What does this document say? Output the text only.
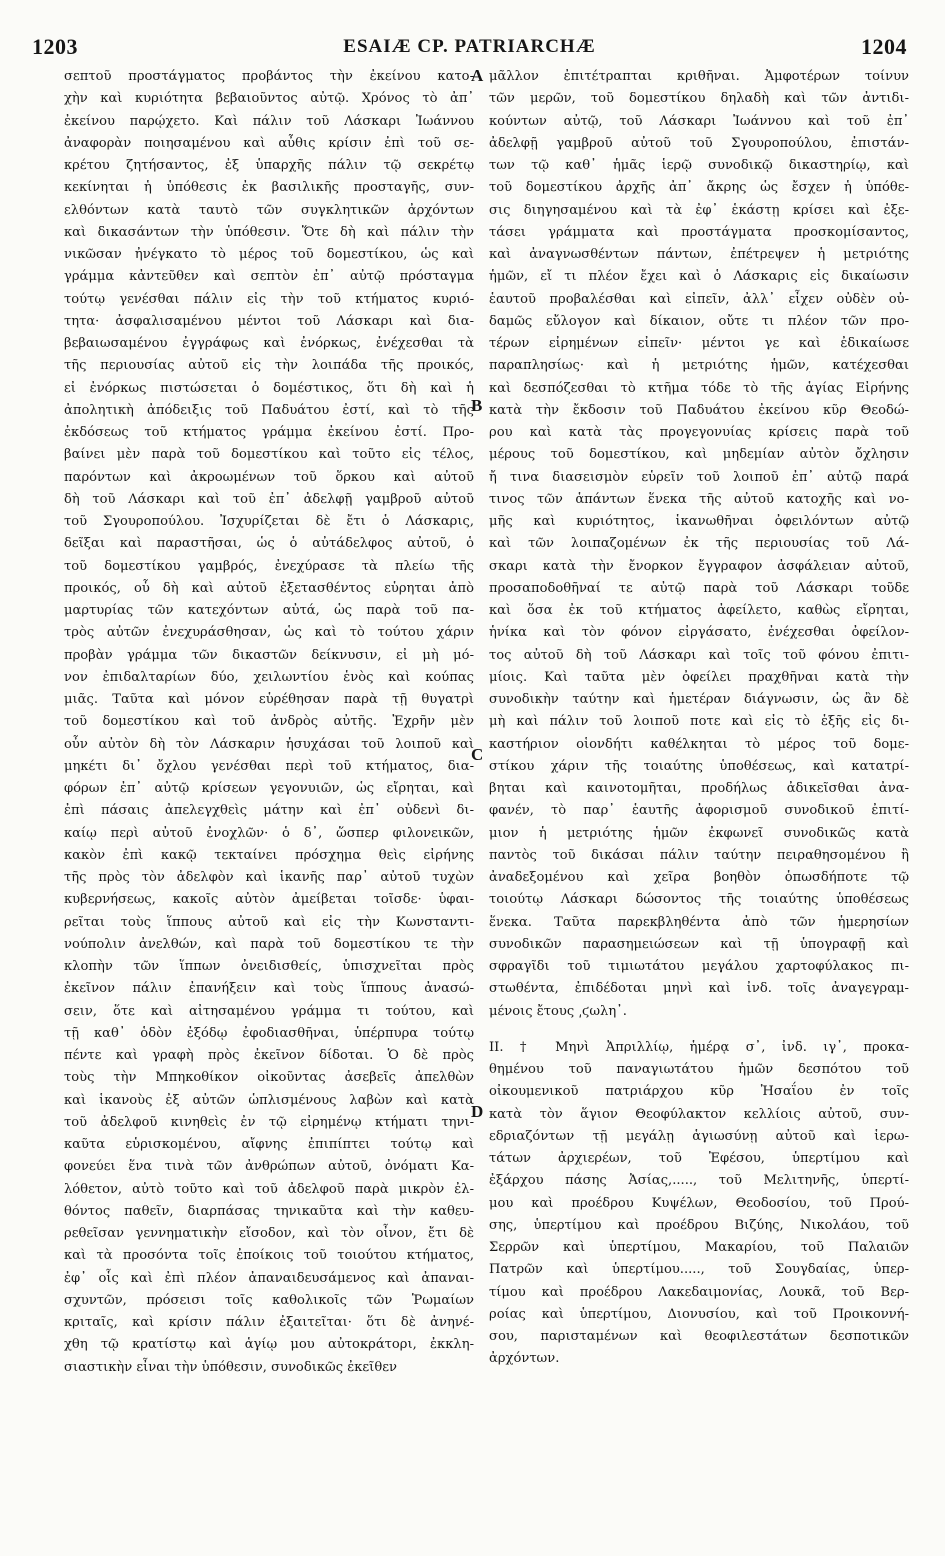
1203	ESAIÆ CP. PATRIARCHÆ	1204
A
B
C
D
σεπτοῦ προστάγματος προβάντος τὴν ἐκείνου κατο-
χὴν καὶ κυριότητα βεβαιοῦντος αὐτῷ. Χρόνος τὸ ἀπ᾽
ἐκείνου παρῴχετο. Καὶ πάλιν τοῦ Λάσκαρι Ἰωάννου
ἀναφορὰν ποιησαμένου καὶ αὖθις κρίσιν ἐπὶ τοῦ σε-
κρέτου ζητήσαντος, ἐξ ὑπαρχῆς πάλιν τῷ σεκρέτῳ
κεκίνηται ἡ ὑπόθεσις ἐκ βασιλικῆς προσταγῆς, συν-
ελθόντων κατὰ ταυτὸ τῶν συγκλητικῶν ἀρχόντων
καὶ δικασάντων τὴν ὑπόθεσιν. Ὅτε δὴ καὶ πάλιν τὴν
νικῶσαν ἠνέγκατο τὸ μέρος τοῦ δομεστίκου, ὡς καὶ
γράμμα κἀντεῦθεν καὶ σεπτὸν ἐπ᾽ αὐτῷ πρόσταγμα
τούτῳ γενέσθαι πάλιν εἰς τὴν τοῦ κτήματος κυριό-
τητα· ἀσφαλισαμένου μέντοι τοῦ Λάσκαρι καὶ δια-
βεβαιωσαμένου ἐγγράφως καὶ ἐνόρκως, ἐνέχεσθαι τὰ
τῆς περιουσίας αὐτοῦ εἰς τὴν λοιπάδα τῆς προικός,
εἰ ἐνόρκως πιστώσεται ὁ δομέστικος, ὅτι δὴ καὶ ἡ
ἀπολητικὴ ἀπόδειξις τοῦ Παδυάτου ἐστί, καὶ τὸ τῆς
ἐκδόσεως τοῦ κτήματος γράμμα ἐκείνου ἐστί. Προ-
βαίνει μὲν παρὰ τοῦ δομεστίκου καὶ τοῦτο εἰς τέλος,
παρόντων καὶ ἀκροωμένων τοῦ ὅρκου καὶ αὐτοῦ
δὴ τοῦ Λάσκαρι καὶ τοῦ ἐπ᾽ ἀδελφῇ γαμβροῦ αὐτοῦ
τοῦ Σγουροπούλου. Ἰσχυρίζεται δὲ ἔτι ὁ Λάσκαρις,
δεῖξαι καὶ παραστῆσαι, ὡς ὁ αὐτάδελφος αὐτοῦ, ὁ
τοῦ δομεστίκου γαμβρός, ἐνεχύρασε τὰ πλείω τῆς
προικός, οὗ δὴ καὶ αὐτοῦ ἐξετασθέντος εὑρηται ἀπὸ
μαρτυρίας τῶν κατεχόντων αὐτά, ὡς παρὰ τοῦ πα-
τρὸς αὐτῶν ἐνεχυράσθησαν, ὡς καὶ τὸ τούτου χάριν
προβὰν γράμμα τῶν δικαστῶν δείκνυσιν, εἰ μὴ μό-
νον ἐπιδαλταρίων δύο, χειλωντίου ἑνὸς καὶ κούπας
μιᾶς. Ταῦτα καὶ μόνον εὑρέθησαν παρὰ τῇ θυγατρὶ
τοῦ δομεστίκου καὶ τοῦ ἀνδρὸς αὐτῆς. Ἐχρῆν μὲν
οὖν αὐτὸν δὴ τὸν Λάσκαριν ἡσυχάσαι τοῦ λοιποῦ καὶ
μηκέτι δι᾽ ὄχλου γενέσθαι περὶ τοῦ κτήματος, δια-
φόρων ἐπ᾽ αὐτῷ κρίσεων γεγονυιῶν, ὡς εἴρηται, καὶ
ἐπὶ πάσαις ἀπελεγχθεὶς μάτην καὶ ἐπ᾽ οὐδενὶ δι-
καίῳ περὶ αὐτοῦ ἐνοχλῶν· ὁ δ᾽, ὥσπερ φιλονεικῶν,
κακὸν ἐπὶ κακῷ τεκταίνει πρόσχημα θεὶς εἰρήνης
τῆς πρὸς τὸν ἀδελφὸν καὶ ἱκανῆς παρ᾽ αὐτοῦ τυχὼν
κυβερνήσεως, κακοῖς αὐτὸν ἀμείβεται τοῖσδε· ὑφαι-
ρεῖται τοὺς ἵππους αὐτοῦ καὶ εἰς τὴν Κωνσταντι-
νούπολιν ἀνελθών, καὶ παρὰ τοῦ δομεστίκου τε τὴν
κλοπὴν τῶν ἵππων ὀνειδισθείς, ὑπισχνεῖται πρὸς
ἐκεῖνον πάλιν ἐπανήξειν καὶ τοὺς ἵππους ἀνασώ-
σειν, ὅτε καὶ αἰτησαμένου γράμμα τι τούτου, καὶ
τῇ καθ᾽ ὁδὸν ἐξόδῳ ἐφοδιασθῆναι, ὑπέρπυρα τούτῳ
πέντε καὶ γραφὴ πρὸς ἐκεῖνον δίδοται. Ὁ δὲ πρὸς
τοὺς τὴν Μπηκοθίκον οἰκοῦντας ἀσεβεῖς ἀπελθὼν
καὶ ἱκανοὺς ἐξ αὐτῶν ὡπλισμένους λαβὼν καὶ κατὰ
τοῦ ἀδελφοῦ κινηθεὶς ἐν τῷ εἰρημένῳ κτήματι τηνι-
καῦτα εὑρισκομένου, αἴφνης ἐπιπίπτει τούτῳ καὶ
φονεύει ἕνα τινὰ τῶν ἀνθρώπων αὐτοῦ, ὀνόματι Κα-
λόθετον, αὐτὸ τοῦτο καὶ τοῦ ἀδελφοῦ παρὰ μικρὸν ἐλ-
θόντος παθεῖν, διαρπάσας τηνικαῦτα καὶ τὴν καθευ-
ρεθεῖσαν γεννηματικὴν εἴσοδον, καὶ τὸν οἶνον, ἔτι δὲ
καὶ τὰ προσόντα τοῖς ἐποίκοις τοῦ τοιούτου κτήματος,
ἐφ᾽ οἷς καὶ ἐπὶ πλέον ἀπαναιδευσάμενος καὶ ἀπαναι-
σχυντῶν, πρόσεισι τοῖς καθολικοῖς τῶν Ῥωμαίων
κριταῖς, καὶ κρίσιν πάλιν ἐξαιτεῖται· ὅτι δὲ ἀνηνέ-
χθη τῷ κρατίστῳ καὶ ἁγίῳ μου αὐτοκράτορι, ἐκκλη-
σιαστικὴν εἶναι τὴν ὑπόθεσιν, συνοδικῶς ἐκεῖθεν
μᾶλλον ἐπιτέτραπται κριθῆναι. Ἀμφοτέρων τοίνυν
τῶν μερῶν, τοῦ δομεστίκου δηλαδὴ καὶ τῶν ἀντιδι-
κούντων αὐτῷ, τοῦ Λάσκαρι Ἰωάννου καὶ τοῦ ἐπ᾽
ἀδελφῇ γαμβροῦ αὐτοῦ τοῦ Σγουροπούλου, ἐπιστάν-
των τῷ καθ᾽ ἡμᾶς ἱερῷ συνοδικῷ δικαστηρίῳ, καὶ
τοῦ δομεστίκου ἀρχῆς ἀπ᾽ ἄκρης ὡς ἔσχεν ἡ ὑπόθε-
σις διηγησαμένου καὶ τὰ ἐφ᾽ ἑκάστῃ κρίσει καὶ ἐξε-
τάσει γράμματα καὶ προστάγματα προσκομίσαντος,
καὶ ἀναγνωσθέντων πάντων, ἐπέτρεψεν ἡ μετριότης
ἡμῶν, εἴ τι πλέον ἔχει καὶ ὁ Λάσκαρις εἰς δικαίωσιν
ἑαυτοῦ προβαλέσθαι καὶ εἰπεῖν, ἀλλ᾽ εἶχεν οὐδὲν οὐ-
δαμῶς εὔλογον καὶ δίκαιον, οὔτε τι πλέον τῶν προ-
τέρων εἰρημένων εἰπεῖν· μέντοι γε καὶ ἐδικαίωσε
παραπλησίως· καὶ ἡ μετριότης ἡμῶν, κατέχεσθαι
καὶ δεσπόζεσθαι τὸ κτῆμα τόδε τὸ τῆς ἁγίας Εἰρήνης
κατὰ τὴν ἔκδοσιν τοῦ Παδυάτου ἐκείνου κῦρ Θεοδώ-
ρου καὶ κατὰ τὰς προγεγονυίας κρίσεις παρὰ τοῦ
μέρους τοῦ δομεστίκου, καὶ μηδεμίαν αὐτὸν ὄχλησιν
ἤ τινα διασεισμὸν εὑρεῖν τοῦ λοιποῦ ἐπ᾽ αὐτῷ παρά
τινος τῶν ἁπάντων ἕνεκα τῆς αὐτοῦ κατοχῆς καὶ νο-
μῆς καὶ κυριότητος, ἱκανωθῆναι ὀφειλόντων αὐτῷ
καὶ τῶν λοιπαζομένων ἐκ τῆς περιουσίας τοῦ Λά-
σκαρι κατὰ τὴν ἔνορκον ἔγγραφον ἀσφάλειαν αὐτοῦ,
προσαποδοθῆναί τε αὐτῷ παρὰ τοῦ Λάσκαρι τοῦδε
καὶ ὅσα ἐκ τοῦ κτήματος ἀφείλετο, καθὼς εἴρηται,
ἡνίκα καὶ τὸν φόνον εἰργάσατο, ἐνέχεσθαι ὀφείλον-
τος αὐτοῦ δὴ τοῦ Λάσκαρι καὶ τοῖς τοῦ φόνου ἐπιτι-
μίοις. Καὶ ταῦτα μὲν ὀφείλει πραχθῆναι κατὰ τὴν
συνοδικὴν ταύτην καὶ ἡμετέραν διάγνωσιν, ὡς ἂν δὲ
μὴ καὶ πάλιν τοῦ λοιποῦ ποτε καὶ εἰς τὸ ἑξῆς εἰς δι-
καστήριον οἱονδήτι καθέλκηται τὸ μέρος τοῦ δομε-
στίκου χάριν τῆς τοιαύτης ὑποθέσεως, καὶ κατατρί-
βηται καὶ καινοτομῆται, προδήλως ἀδικεῖσθαι ἀνα-
φανέν, τὸ παρ᾽ ἑαυτῆς ἀφορισμοῦ συνοδικοῦ ἐπιτί-
μιον ἡ μετριότης ἡμῶν ἐκφωνεῖ συνοδικῶς κατὰ
παντὸς τοῦ δικάσαι πάλιν ταύτην πειραθησομένου ἢ
ἀναδεξομένου καὶ χεῖρα βοηθὸν ὁπωσδήποτε τῷ
τοιούτῳ Λάσκαρι δώσοντος τῆς τοιαύτης ὑποθέσεως
ἕνεκα. Ταῦτα παρεκβληθέντα ἀπὸ τῶν ἡμερησίων
συνοδικῶν παρασημειώσεων καὶ τῇ ὑπογραφῇ καὶ
σφραγῖδι τοῦ τιμιωτάτου μεγάλου χαρτοφύλακος πι-
στωθέντα, ἐπιδέδοται μηνὶ καὶ ἰνδ. τοῖς ἀναγεγραμ-
μένοις ἔτους ͵ϛωλη᾽.
II. † Μηνὶ Ἀπριλλίῳ, ἡμέρᾳ σ᾽, ἰνδ. ιγ᾽, προκα-
θημένου τοῦ παναγιωτάτου ἡμῶν δεσπότου τοῦ
οἰκουμενικοῦ πατριάρχου κῦρ Ἠσαΐου ἐν τοῖς
κατὰ τὸν ἅγιον Θεοφύλακτον κελλίοις αὐτοῦ, συν-
εδριαζόντων τῇ μεγάλῃ ἁγιωσύνῃ αὐτοῦ καὶ ἱερω-
τάτων ἀρχιερέων, τοῦ Ἐφέσου, ὑπερτίμου καὶ
ἐξάρχου πάσης Ἀσίας,....., τοῦ Μελιτηνῆς, ὑπερτί-
μου καὶ προέδρου Κυψέλων, Θεοδοσίου, τοῦ Πρού-
σης, ὑπερτίμου καὶ προέδρου Βιζύης, Νικολάου, τοῦ
Σερρῶν καὶ ὑπερτίμου, Μακαρίου, τοῦ Παλαιῶν
Πατρῶν καὶ ὑπερτίμου....., τοῦ Σουγδαίας, ὑπερ-
τίμου καὶ προέδρου Λακεδαιμονίας, Λουκᾶ, τοῦ Βερ-
ροίας καὶ ὑπερτίμου, Διονυσίου, καὶ τοῦ Προικοννή-
σου, παρισταμένων καὶ θεοφιλεστάτων δεσποτικῶν
ἀρχόντων.
